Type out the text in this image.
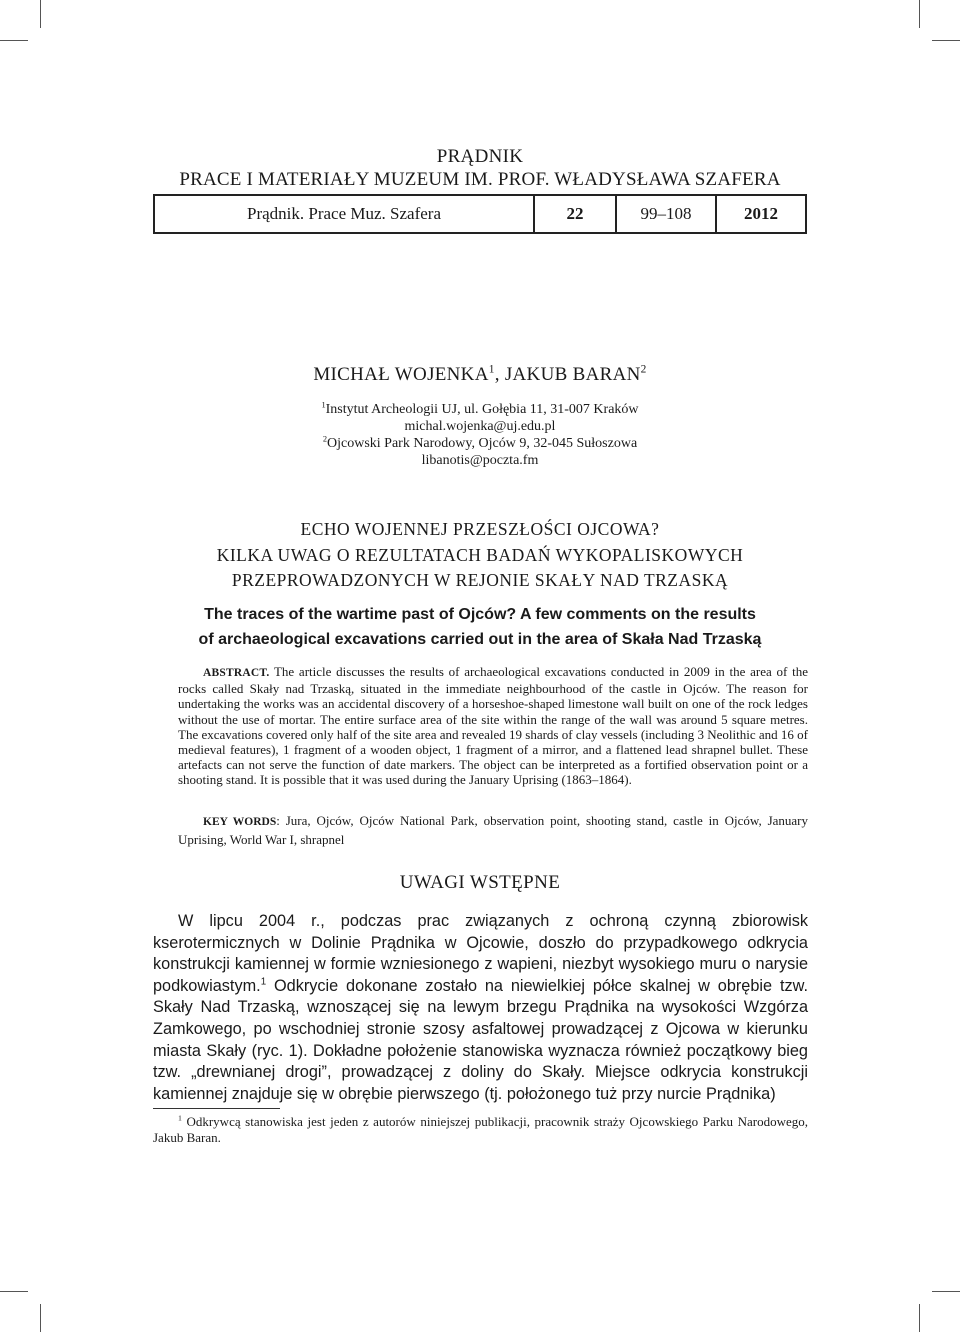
PRĄDNIK
PRACE I MATERIAŁY MUZEUM IM. PROF. WŁADYSŁAWA SZAFERA
Prądnik. Prace Muz. Szafera	22	99–108	2012
MICHAŁ WOJENKA$^1$, JAKUB BARAN$^2$
$^1$Instytut Archeologii UJ, ul. Gołębia 11, 31-007 Kraków
michal.wojenka@uj.edu.pl
$^2$Ojcowski Park Narodowy, Ojców 9, 32-045 Sułoszowa
libanotis@poczta.fm
ECHO WOJENNEJ PRZESZŁOŚCI OJCOWA?
KILKA UWAG O REZULTATACH BADAŃ WYKOPALISKOWYCH
PRZEPROWADZONYCH W REJONIE SKAŁY NAD TRZASKĄ
The traces of the wartime past of Ojców? A few comments on the results
of archaeological excavations carried out in the area of Skała Nad Trzaską

ABSTRACT. The article discusses the results of archaeological excavations conducted in 2009 in the area of the rocks called Skały nad Trzaską, situated in the immediate neighbourhood of the castle in Ojców. The reason for undertaking the works was an accidental discovery of a horseshoe-shaped limestone wall built on one of the rock ledges without the use of mortar. The entire surface area of the site within the range of the wall was around 5 square metres. The excavations covered only half of the site area and revealed 19 shards of clay vessels (including 3 Neolithic and 16 of medieval features), 1 fragment of a wooden object, 1 fragment of a mirror, and a flattened lead shrapnel bullet. These artefacts can not serve the function of date markers. The object can be interpreted as a fortified observation point or a shooting stand. It is possible that it was used during the January Uprising (1863–1864).

KEY WORDS: Jura, Ojców, Ojców National Park, observation point, shooting stand, castle in Ojców, January Uprising, World War I, shrapnel
UWAGI WSTĘPNE

W lipcu 2004 r., podczas prac związanych z ochroną czynną zbiorowisk kserotermicznych w Dolinie Prądnika w Ojcowie, doszło do przypadkowego odkrycia konstrukcji kamiennej w formie wzniesionego z wapieni, niezbyt wysokiego muru o narysie podkowiastym.$^1$ Odkrycie dokonane zostało na niewielkiej półce skalnej w obrębie tzw. Skały Nad Trzaską, wznoszącej się na lewym brzegu Prądnika na wysokości Wzgórza Zamkowego, po wschodniej stronie szosy asfaltowej prowadzącej z Ojcowa w kierunku miasta Skały (ryc. 1). Dokładne położenie stanowiska wyznacza również początkowy bieg tzw. „drewnianej drogi”, prowadzącej z doliny do Skały. Miejsce odkrycia konstrukcji kamiennej znajduje się w obrębie pierwszego (tj. położonego tuż przy nurcie Prądnika)

$^1$ Odkrywcą stanowiska jest jeden z autorów niniejszej publikacji, pracownik straży Ojcowskiego Parku Narodowego, Jakub Baran.
